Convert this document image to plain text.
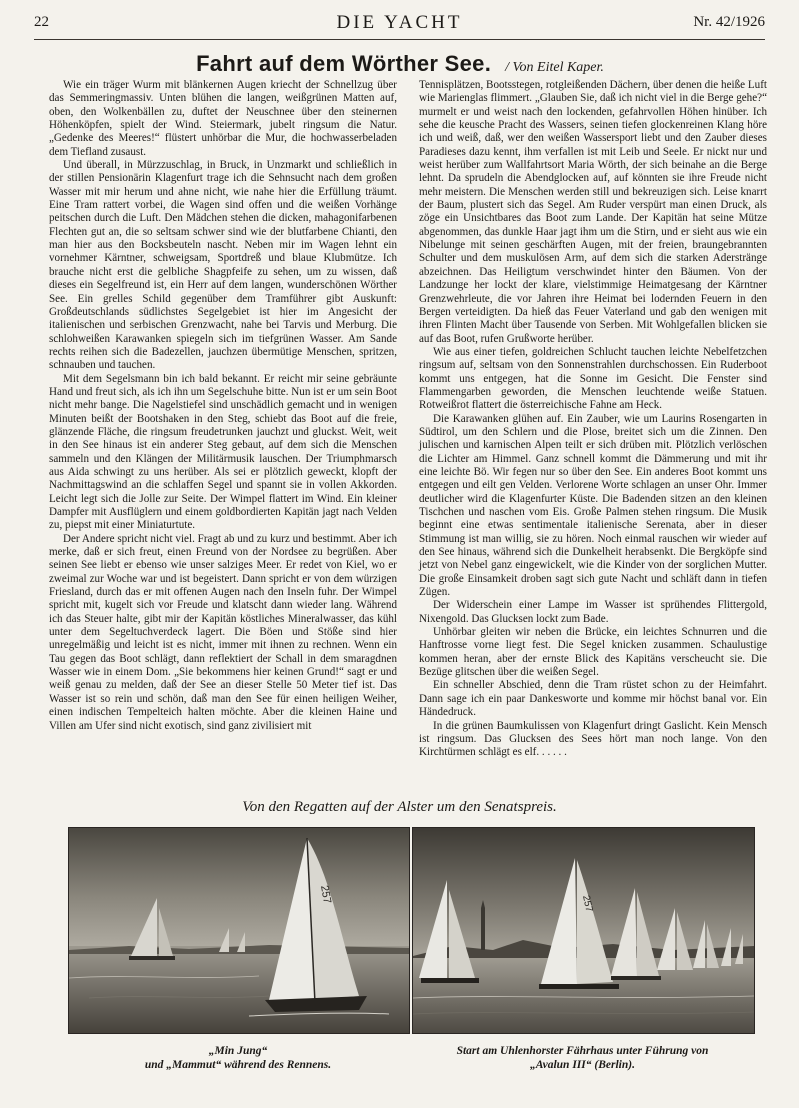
22	DIE YACHT	Nr. 42/1926
Fahrt auf dem Wörther See. / Von Eitel Kaper.

Wie ein träger Wurm mit blänkernen Augen kriecht der Schnellzug über das Semmeringmassiv. Unten blühen die langen, weißgrünen Matten auf, oben, den Wolkenbällen zu, duftet der Neuschnee über den steinernen Höhenköpfen, spielt der Wind. Steiermark, jubelt ringsum die Natur. „Gedenke des Meeres!“ flüstert unhörbar die Mur, die hochwasserbeladen dem Tiefland zusaust.

Und überall, in Mürzzuschlag, in Bruck, in Unzmarkt und schließlich in der stillen Pensionärin Klagenfurt trage ich die Sehnsucht nach dem großen Wasser mit mir herum und ahne nicht, wie nahe hier die Erfüllung träumt. Eine Tram rattert vorbei, die Wagen sind offen und die weißen Vorhänge peitschen durch die Luft. Den Mädchen stehen die dicken, mahagonifarbenen Flechten gut an, die so seltsam schwer sind wie der blutfarbene Chianti, den man hier aus den Bocksbeuteln nascht. Neben mir im Wagen lehnt ein vornehmer Kärntner, schweigsam, Sportdreß und blaue Klubmütze. Ich brauche nicht erst die gelbliche Shagpfeife zu sehen, um zu wissen, daß dieses ein Segelfreund ist, ein Herr auf dem langen, wunderschönen Wörther See. Ein grelles Schild gegenüber dem Tramführer gibt Auskunft: Großdeutschlands südlichstes Segelgebiet ist hier im Angesicht der italienischen und serbischen Grenzwacht, nahe bei Tarvis und Merburg. Die schlohweißen Karawanken spiegeln sich im tiefgrünen Wasser. Am Sande rechts reihen sich die Badezellen, jauchzen übermütige Menschen, spritzen, schnauben und tauchen.

Mit dem Segelsmann bin ich bald bekannt. Er reicht mir seine gebräunte Hand und freut sich, als ich ihn um Segelschuhe bitte. Nun ist er um sein Boot nicht mehr bange. Die Nagelstiefel sind unschädlich gemacht und in wenigen Minuten beißt der Bootshaken in den Steg, schiebt das Boot auf die freie, glänzende Fläche, die ringsum freudetrunken jauchzt und gluckst. Weit, weit in den See hinaus ist ein anderer Steg gebaut, auf dem sich die Menschen sammeln und den Klängen der Militärmusik lauschen. Der Triumphmarsch aus Aida schwingt zu uns herüber. Als sei er plötzlich geweckt, klopft der Nachmittagswind an die schlaffen Segel und spannt sie in vollen Akkorden. Leicht legt sich die Jolle zur Seite. Der Wimpel flattert im Wind. Ein kleiner Dampfer mit Ausflüglern und einem goldbordierten Kapitän jagt nach Velden zu, piepst mit einer Miniaturtute.

Der Andere spricht nicht viel. Fragt ab und zu kurz und bestimmt. Aber ich merke, daß er sich freut, einen Freund von der Nordsee zu begrüßen. Aber seinen See liebt er ebenso wie unser salziges Meer. Er redet von Kiel, wo er zweimal zur Woche war und ist begeistert. Dann spricht er von dem würzigen Friesland, durch das er mit offenen Augen nach den Inseln fuhr. Der Wimpel spricht mit, kugelt sich vor Freude und klatscht dann wieder lang. Während ich das Steuer halte, gibt mir der Kapitän köstliches Mineralwasser, das kühl unter dem Segeltuchverdeck lagert. Die Böen und Stöße sind hier unregelmäßig und leicht ist es nicht, immer mit ihnen zu rechnen. Wenn ein Tau gegen das Boot schlägt, dann reflektiert der Schall in dem smaragdnen Wasser wie in einem Dom. „Sie bekommens hier keinen Grund!“ sagt er und weiß genau zu melden, daß der See an dieser Stelle 50 Meter tief ist. Das Wasser ist so rein und schön, daß man den See für einen heiligen Weiher, einen indischen Tempelteich halten möchte. Aber die kleinen Haine und Villen am Ufer sind nicht exotisch, sind ganz zivilisiert mit

Tennisplätzen, Bootsstegen, rotgleißenden Dächern, über denen die heiße Luft wie Marienglas flimmert. „Glauben Sie, daß ich nicht viel in die Berge gehe?“ murmelt er und weist nach den lockenden, gefahrvollen Höhen hinüber. Ich sehe die keusche Pracht des Wassers, seinen tiefen glockenreinen Klang höre ich und weiß, daß, wer den weißen Wassersport liebt und den Zauber dieses Paradieses dazu kennt, ihm verfallen ist mit Leib und Seele. Er nickt nur und weist herüber zum Wallfahrtsort Maria Wörth, der sich beinahe an die Berge lehnt. Da sprudeln die Abendglocken auf, auf könnten sie ihre Freude nicht mehr meistern. Die Menschen werden still und bekreuzigen sich. Leise knarrt der Baum, plustert sich das Segel. Am Ruder verspürt man einen Druck, als zöge ein Unsichtbares das Boot zum Lande. Der Kapitän hat seine Mütze abgenommen, das dunkle Haar jagt ihm um die Stirn, und er sieht aus wie ein Nibelunge mit seinen geschärften Augen, mit der freien, braungebrannten Schulter und dem muskulösen Arm, auf dem sich die starken Aderstränge abzeichnen. Das Heiligtum verschwindet hinter den Bäumen. Von der Landzunge her lockt der klare, vielstimmige Heimatgesang der Kärntner Grenzwehrleute, die vor Jahren ihre Heimat bei lodernden Feuern in den Bergen verteidigten. Da hieß das Feuer Vaterland und gab den wenigen mit ihren Flinten Macht über Tausende von Serben. Mit Wohlgefallen blicken sie auf das Boot, rufen Grußworte herüber.

Wie aus einer tiefen, goldreichen Schlucht tauchen leichte Nebelfetzchen ringsum auf, seltsam von den Sonnenstrahlen durchschossen. Ein Ruderboot kommt uns entgegen, hat die Sonne im Gesicht. Die Fenster sind Flammengarben geworden, die Menschen leuchtende weiße Statuen. Rotweißrot flattert die österreichische Fahne am Heck.

Die Karawanken glühen auf. Ein Zauber, wie um Laurins Rosengarten in Südtirol, um den Schlern und die Plose, breitet sich um die Zinnen. Den julischen und karnischen Alpen teilt er sich drüben mit. Plötzlich verlöschen die Lichter am Himmel. Ganz schnell kommt die Dämmerung und mit ihr eine leichte Bö. Wir fegen nur so über den See. Ein anderes Boot kommt uns entgegen und eilt gen Velden. Verlorene Worte schlagen an unser Ohr. Immer deutlicher wird die Klagenfurter Küste. Die Badenden sitzen an den kleinen Tischchen und naschen vom Eis. Große Palmen stehen ringsum. Die Musik beginnt eine etwas sentimentale italienische Serenata, aber in dieser Stimmung ist man willig, sie zu hören. Noch einmal rauschen wir wieder auf den See hinaus, während sich die Dunkelheit herabsenkt. Die Bergköpfe sind jetzt von Nebel ganz eingewickelt, wie die Kinder von der sorglichen Mutter. Die große Einsamkeit droben sagt sich gute Nacht und schläft dann in tiefen Zügen.

Der Widerschein einer Lampe im Wasser ist sprühendes Flittergold, Nixengold. Das Glucksen lockt zum Bade.

Unhörbar gleiten wir neben die Brücke, ein leichtes Schnurren und die Hanftrosse vorne liegt fest. Die Segel knicken zusammen. Schaulustige kommen heran, aber der ernste Blick des Kapitäns verscheucht sie. Die Bezüge glitschen über die weißen Segel.

Ein schneller Abschied, denn die Tram rüstet schon zu der Heimfahrt. Dann sage ich ein paar Dankesworte und komme mir höchst banal vor. Ein Händedruck.

In die grünen Baumkulissen von Klagenfurt dringt Gaslicht. Kein Mensch ist ringsum. Das Glucksen des Sees hört man noch lange. Von den Kirchtürmen schlägt es elf. . . . . .

Von den Regatten auf der Alster um den Senatspreis.
257	257
„Min Jung“
und „Mammut“ während des Rennens.
Start am Uhlenhorster Fährhaus unter Führung von
„Avalun III“ (Berlin).
